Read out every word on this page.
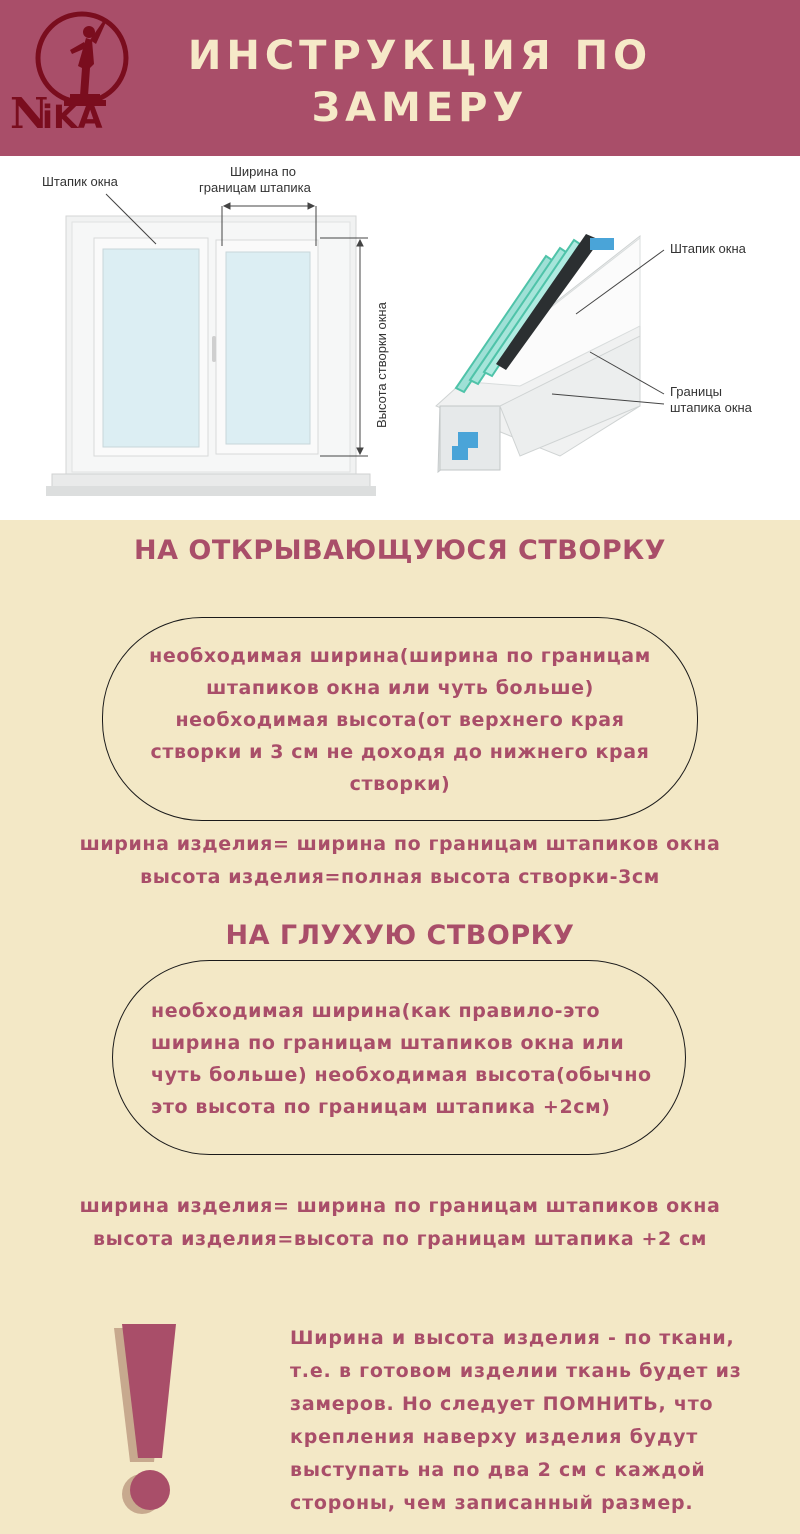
N
iKA
ИНСТРУКЦИЯ ПО ЗАМЕРУ
Штапик окна
Ширина по
границам штапика
Высота створки окна
Штапик окна
Границы
штапика окна
НА ОТКРЫВАЮЩУЮСЯ СТВОРКУ
необходимая ширина(ширина по границам штапиков окна или чуть больше) необходимая высота(от верхнего края створки и 3 см не доходя до нижнего края створки)
ширина изделия= ширина по границам штапиков окна
высота изделия=полная высота створки-3см
НА ГЛУХУЮ СТВОРКУ
необходимая ширина(как правило-это ширина по границам штапиков окна или чуть больше) необходимая высота(обычно это высота по границам штапика +2см)
ширина изделия= ширина по границам штапиков окна
высота изделия=высота по границам штапика +2 см
Ширина и высота изделия - по ткани, т.е. в готовом изделии ткань будет из замеров. Но следует ПОМНИТЬ, что крепления наверху изделия будут выступать на по два 2 см с каждой стороны, чем записанный размер.
